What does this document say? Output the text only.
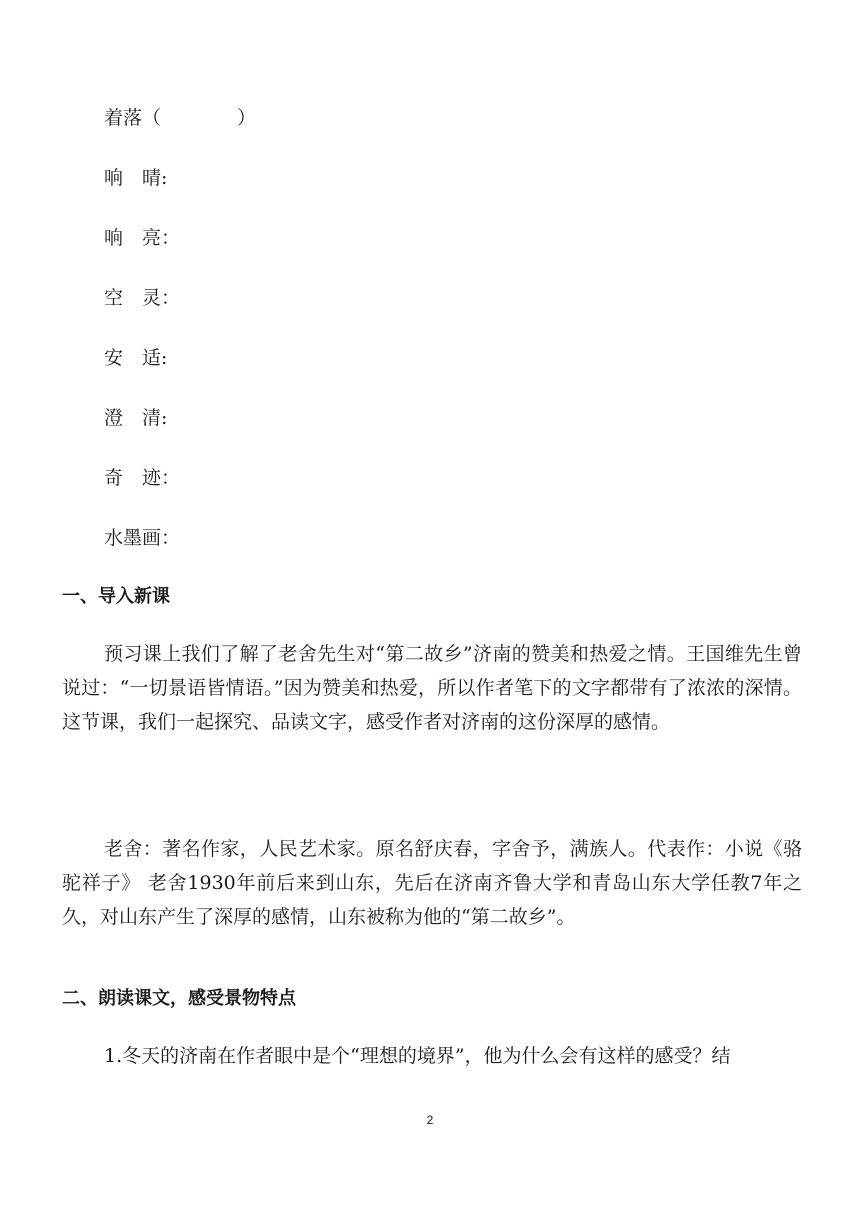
着落（　　　　）
响　晴:
响　亮：
空　灵：
安　适:
澄　清:
奇　迹：
水墨画：
一、导入新课
预习课上我们了解了老舍先生对“第二故乡”济南的赞美和热爱之情。王国维先生曾说过：“一切景语皆情语。”因为赞美和热爱，所以作者笔下的文字都带有了浓浓的深情。这节课，我们一起探究、品读文字，感受作者对济南的这份深厚的感情。
老舍：著名作家，人民艺术家。原名舒庆春，字舍予，满族人。代表作：小说《骆驼祥子》 老舍1930年前后来到山东，先后在济南齐鲁大学和青岛山东大学任教7年之久，对山东产生了深厚的感情，山东被称为他的“第二故乡”。
二、朗读课文，感受景物特点
1.冬天的济南在作者眼中是个“理想的境界”，他为什么会有这样的感受？结
2
